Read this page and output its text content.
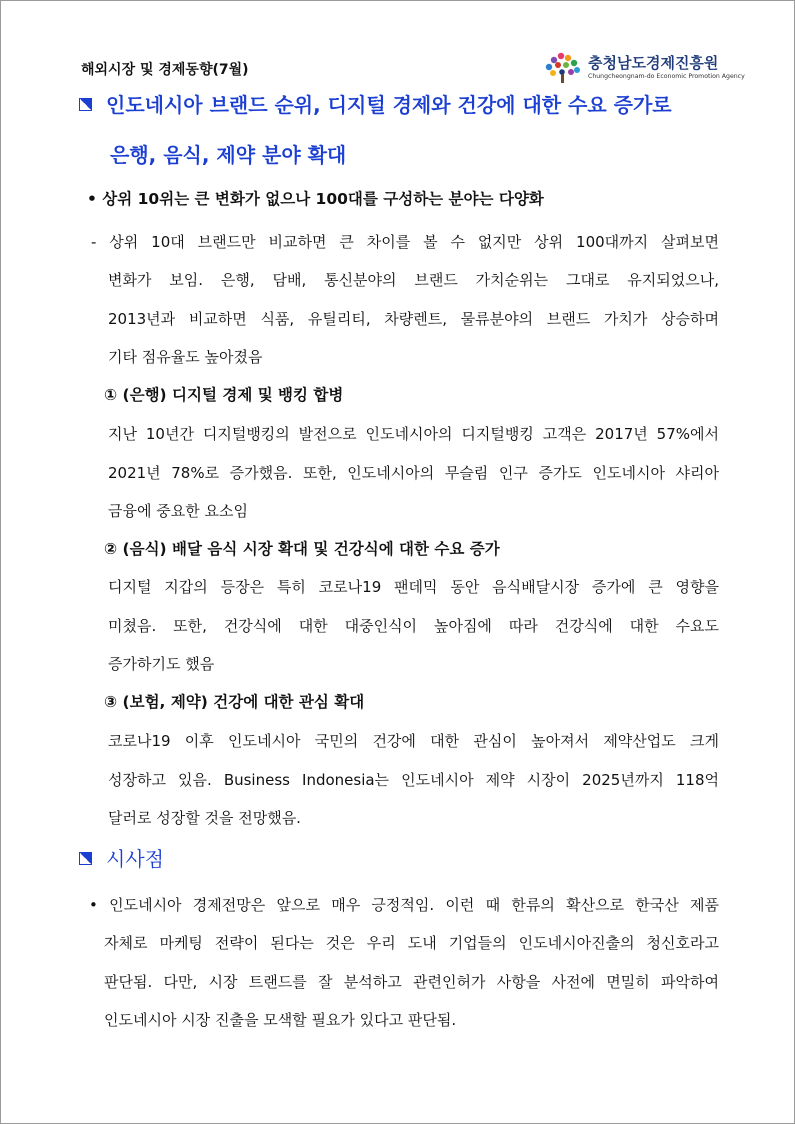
해외시장 및 경제동향(7월)	충청남도경제진흥원
Chungcheongnam-do Economic Promotion Agency
인도네시아 브랜드 순위, 디지털 경제와 건강에 대한 수요 증가로
은행, 음식, 제약 분야 확대
• 상위 10위는 큰 변화가 없으나 100대를 구성하는 분야는 다양화
- 상위 10대 브랜드만 비교하면 큰 차이를 볼 수 없지만 상위 100대까지 살펴보면
변화가 보임. 은행, 담배, 통신분야의 브랜드 가치순위는 그대로 유지되었으나,
2013년과 비교하면 식품, 유틸리티, 차량렌트, 물류분야의 브랜드 가치가 상승하며
기타 점유율도 높아졌음
① (은행) 디지털 경제 및 뱅킹 합병
지난 10년간 디지털뱅킹의 발전으로 인도네시아의 디지털뱅킹 고객은 2017년 57%에서
2021년 78%로 증가했음. 또한, 인도네시아의 무슬림 인구 증가도 인도네시아 샤리아
금융에 중요한 요소임
② (음식) 배달 음식 시장 확대 및 건강식에 대한 수요 증가
디지털 지갑의 등장은 특히 코로나19 팬데믹 동안 음식배달시장 증가에 큰 영향을
미쳤음. 또한, 건강식에 대한 대중인식이 높아짐에 따라 건강식에 대한 수요도
증가하기도 했음
③ (보험, 제약) 건강에 대한 관심 확대
코로나19 이후 인도네시아 국민의 건강에 대한 관심이 높아져서 제약산업도 크게
성장하고 있음. Business Indonesia는 인도네시아 제약 시장이 2025년까지 118억
달러로 성장할 것을 전망했음.
시사점
• 인도네시아 경제전망은 앞으로 매우 긍정적임. 이런 때 한류의 확산으로 한국산 제품
자체로 마케팅 전략이 된다는 것은 우리 도내 기업들의 인도네시아진출의 청신호라고
판단됨. 다만, 시장 트랜드를 잘 분석하고 관련인허가 사항을 사전에 면밀히 파악하여
인도네시아 시장 진출을 모색할 필요가 있다고 판단됨.
